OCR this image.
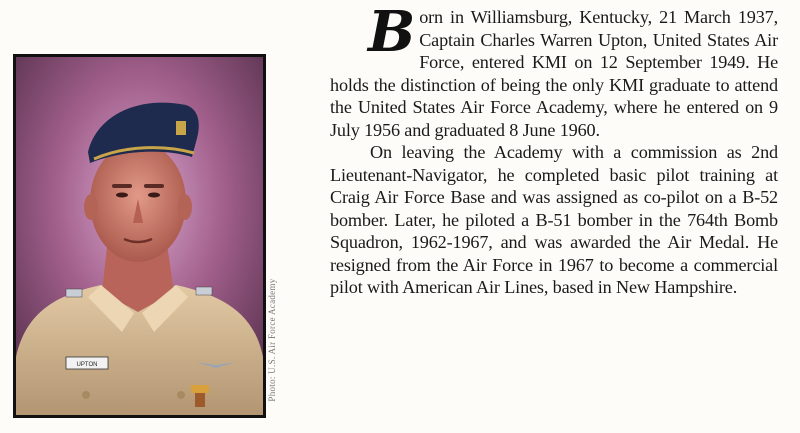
UPTON	Photo: U.S. Air Force Academy

Born in Williamsburg, Kentucky, 21 March 1937, Captain Charles Warren Upton, United States Air Force, entered KMI on 12 September 1949. He holds the distinction of being the only KMI graduate to attend the United States Air Force Academy, where he entered on 9 July 1956 and graduated 8 June 1960.

On leaving the Academy with a commission as 2nd Lieutenant-Navigator, he completed basic pilot training at Craig Air Force Base and was assigned as co-pilot on a B-52 bomber. Later, he piloted a B-51 bomber in the 764th Bomb Squadron, 1962-1967, and was awarded the Air Medal. He resigned from the Air Force in 1967 to become a commercial pilot with American Air Lines, based in New Hampshire.
